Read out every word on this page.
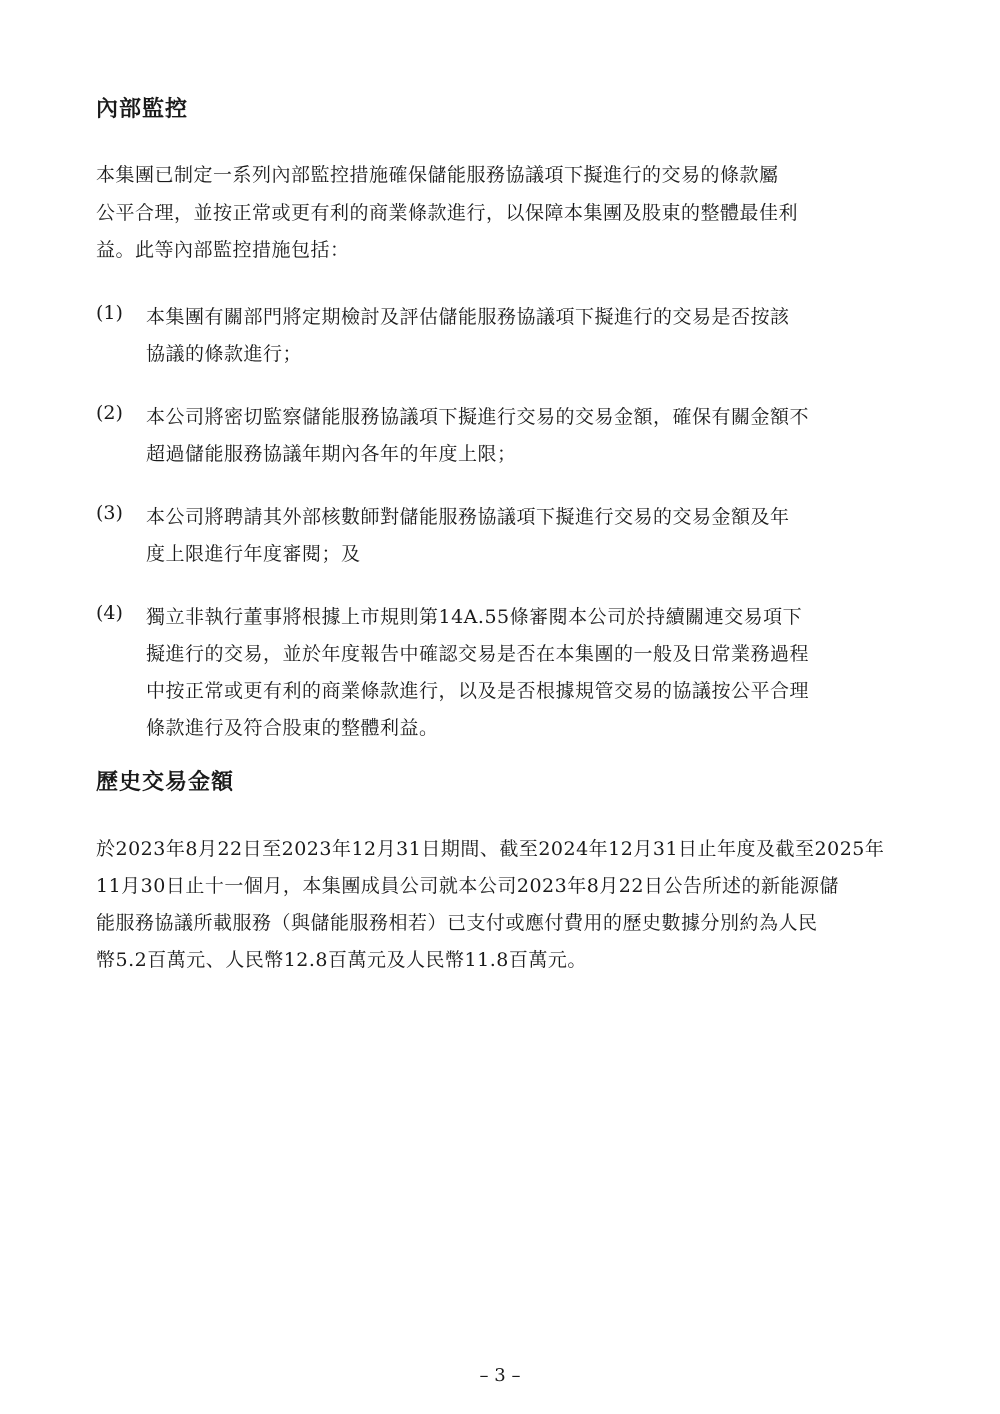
內部監控
本集團已制定一系列內部監控措施確保儲能服務協議項下擬進行的交易的條款屬
公平合理，並按正常或更有利的商業條款進行，以保障本集團及股東的整體最佳利
益。此等內部監控措施包括：
(1) 本集團有關部門將定期檢討及評估儲能服務協議項下擬進行的交易是否按該
協議的條款進行；
(2) 本公司將密切監察儲能服務協議項下擬進行交易的交易金額，確保有關金額不
超過儲能服務協議年期內各年的年度上限；
(3) 本公司將聘請其外部核數師對儲能服務協議項下擬進行交易的交易金額及年
度上限進行年度審閱；及
(4) 獨立非執行董事將根據上市規則第14A.55條審閱本公司於持續關連交易項下
擬進行的交易，並於年度報告中確認交易是否在本集團的一般及日常業務過程
中按正常或更有利的商業條款進行，以及是否根據規管交易的協議按公平合理
條款進行及符合股東的整體利益。
歷史交易金額
於2023年8月22日至2023年12月31日期間、截至2024年12月31日止年度及截至2025年
11月30日止十一個月，本集團成員公司就本公司2023年8月22日公告所述的新能源儲
能服務協議所載服務（與儲能服務相若）已支付或應付費用的歷史數據分別約為人民
幣5.2百萬元、人民幣12.8百萬元及人民幣11.8百萬元。
– 3 –
